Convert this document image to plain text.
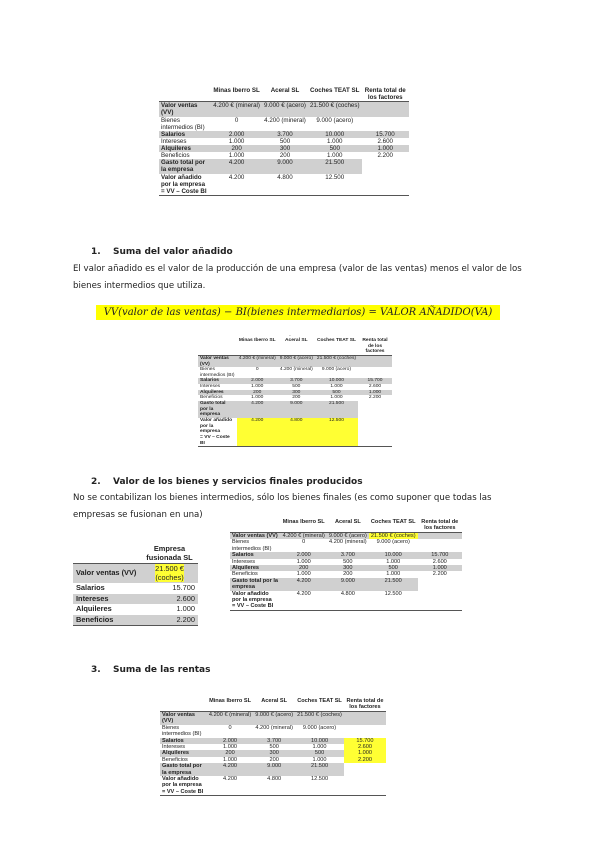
	Minas Iberro SL	Aceral SL	Coches TEAT SL	Renta total de los factores
Valor ventas (VV)	4.200 € (mineral)	9.000 € (acero)	21.500 € (coches)	
Bienes intermedios (BI)	0	4.200 (mineral)	9.000 (acero)	
Salarios	2.000	3.700	10.000	15.700
Intereses	1.000	500	1.000	2.600
Alquileres	200	300	500	1.000
Beneficios	1.000	200	1.000	2.200
Gasto total por la empresa	4.200	9.000	21.500	
Valor añadido por la empresa
= VV – Coste BI	4.200	4.800	12.500	
1. Suma del valor añadido
El valor añadido es el valor de la producción de una empresa (valor de las ventas) menos el valor de los bienes intermedios que utiliza.
VV(valor de las ventas) − BI(bienes intermediarios) = VALOR AÑADIDO(VA)
.
	Minas Iberro SL	Aceral SL	Coches TEAT SL	Renta total de los factores
Valor ventas (VV)	4.200 € (mineral)	9.000 € (acero)	21.500 € (coches)	
Bienes intermedios (BI)	0	4.200 (mineral)	9.000 (acero)	
Salarios	2.000	3.700	10.000	15.700
Intereses	1.000	500	1.000	2.600
Alquileres	200	300	500	1.000
Beneficios	1.000	200	1.000	2.200
Gasto total por la empresa	4.200	9.000	21.500	
Valor añadido por la empresa
= VV – Coste BI	4.200	4.800	12.500	
2. Valor de los bienes y servicios finales producidos
No se contabilizan los bienes intermedios, sólo los bienes finales (es como suponer que todas las empresas se fusionan en una)
	Empresa fusionada SL
Valor ventas (VV)	21.500 € (coches)
Salarios	15.700
Intereses	2.600
Alquileres	1.000
Beneficios	2.200
	Minas Iberro SL	Aceral SL	Coches TEAT SL	Renta total de los factores
Valor ventas (VV)	4.200 € (mineral)	9.000 € (acero)	21.500 € (coches)	
Bienes intermedios (BI)	0	4.200 (mineral)	9.000 (acero)	
Salarios	2.000	3.700	10.000	15.700
Intereses	1.000	500	1.000	2.600
Alquileres	200	300	500	1.000
Beneficios	1.000	200	1.000	2.200
Gasto total por la empresa	4.200	9.000	21.500	
Valor añadido por la empresa
= VV – Coste BI	4.200	4.800	12.500	
3. Suma de las rentas
	Minas Iberro SL	Aceral SL	Coches TEAT SL	Renta total de los factores
Valor ventas (VV)	4.200 € (mineral)	9.000 € (acero)	21.500 € (coches)	
Bienes intermedios (BI)	0	4.200 (mineral)	9.000 (acero)	
Salarios	2.000	3.700	10.000	15.700
Intereses	1.000	500	1.000	2.600
Alquileres	200	300	500	1.000
Beneficios	1.000	200	1.000	2.200
Gasto total por la empresa	4.200	9.000	21.500	
Valor añadido por la empresa
= VV – Coste BI	4.200	4.800	12.500	
